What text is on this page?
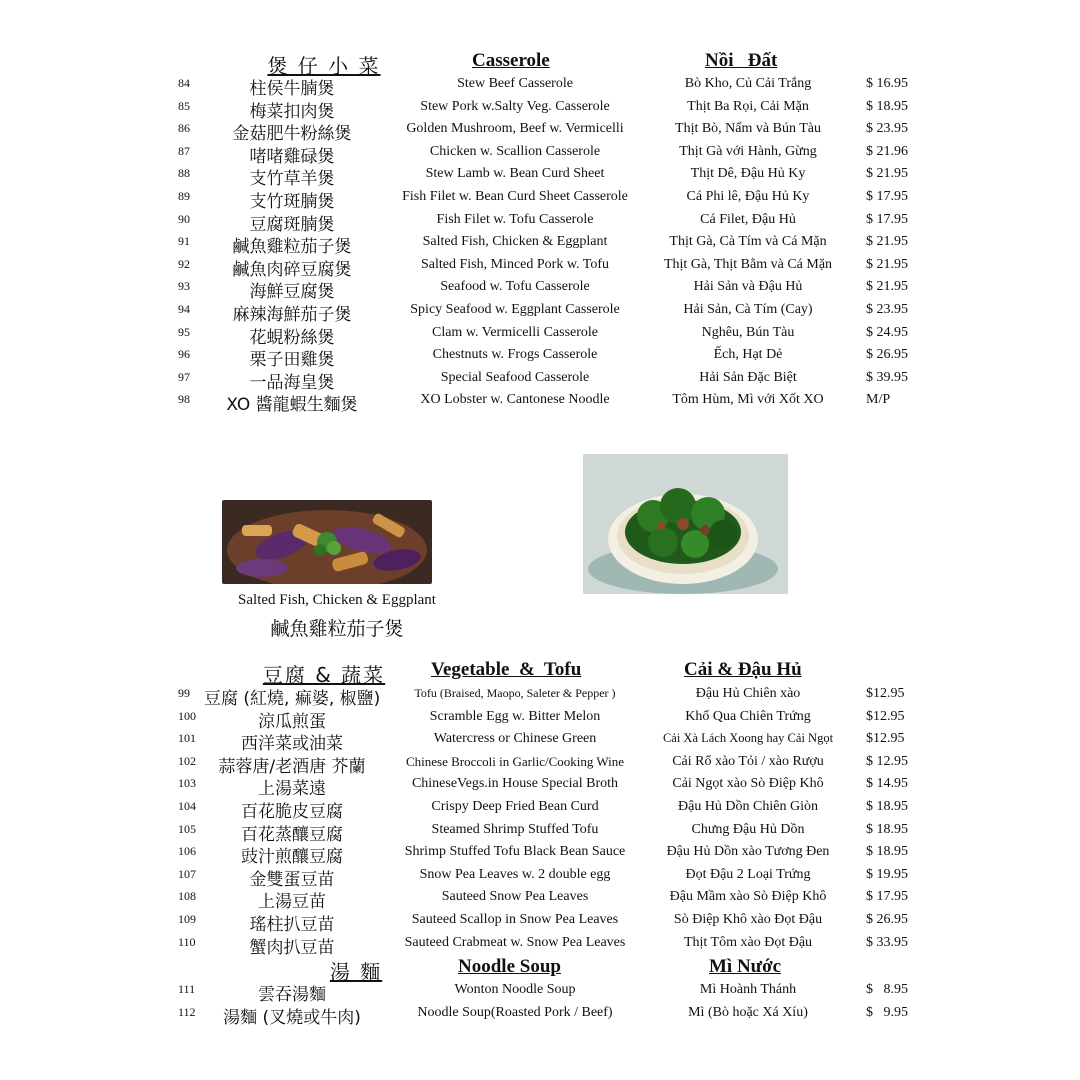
煲 仔 小 菜	Casserole	Nồi   Đất
84	柱侯牛腩煲	Stew Beef Casserole	Bò Kho, Củ Cải Trắng	$ 16.95
85	梅菜扣肉煲	Stew Pork w.Salty Veg. Casserole	Thịt Ba Rọi, Cải Mặn	$ 18.95
86	金菇肥牛粉絲煲	Golden Mushroom, Beef w. Vermicelli	Thịt Bò, Nấm và Bún Tàu	$ 23.95
87	啫啫雞碌煲	Chicken w. Scallion Casserole	Thịt Gà với Hành, Gừng	$ 21.96
88	支竹草羊煲	Stew Lamb w. Bean Curd Sheet	Thịt Dê, Đậu Hủ Ky	$ 21.95
89	支竹斑腩煲	Fish Filet w. Bean Curd Sheet Casserole	Cá Phi lê, Đậu Hủ Ky	$ 17.95
90	豆腐斑腩煲	Fish Filet w. Tofu Casserole	Cá Filet, Đậu Hủ	$ 17.95
91	鹹魚雞粒茄子煲	Salted Fish, Chicken & Eggplant	Thịt Gà, Cà Tím và Cá Mặn	$ 21.95
92	鹹魚肉碎豆腐煲	Salted Fish, Minced Pork w. Tofu	Thịt Gà, Thịt Bằm và Cá Mặn	$ 21.95
93	海鮮豆腐煲	Seafood w. Tofu Casserole	Hải Sản và Đậu Hủ	$ 21.95
94	麻辣海鮮茄子煲	Spicy Seafood w. Eggplant Casserole	Hải Sản, Cà Tím (Cay)	$ 23.95
95	花蜆粉絲煲	Clam w. Vermicelli Casserole	Nghêu, Bún Tàu	$ 24.95
96	栗子田雞煲	Chestnuts w. Frogs Casserole	Ếch, Hạt Dẻ	$ 26.95
97	一品海皇煲	Special Seafood Casserole	Hải Sản Đặc Biệt	$ 39.95
98	XO 醬龍蝦生麵煲	XO Lobster w. Cantonese Noodle	Tôm Hùm, Mì với Xốt XO	M/P
Salted Fish, Chicken & Eggplant
鹹魚雞粒茄子煲
豆腐 & 蔬菜	Vegetable  &  Tofu	Cải & Đậu Hủ
99 豆腐 (紅燒, 痲婆, 椒鹽)	Tofu (Braised, Maopo, Saleter & Pepper )	Đậu Hủ Chiên xào	$12.95
100	涼瓜煎蛋	Scramble Egg w. Bitter Melon	Khổ Qua Chiên Trứng	$12.95
101	西洋菜或油菜	Watercress or Chinese Green	Cải Xà Lách Xoong hay Cải Ngọt	$12.95
102	蒜蓉唐/老酒唐 芥蘭	Chinese Broccoli in Garlic/Cooking Wine	Cải Rổ xào Tỏi / xào Rượu	$ 12.95
103	上湯菜遠	ChineseVegs.in House Special Broth	Cải Ngọt xào Sò Điệp Khô	$ 14.95
104	百花脆皮豆腐	Crispy Deep Fried Bean Curd	Đậu Hủ Dồn Chiên Giòn	$ 18.95
105	百花蒸釀豆腐	Steamed Shrimp Stuffed Tofu	Chưng Đậu Hủ Dồn	$ 18.95
106	豉汁煎釀豆腐	Shrimp Stuffed Tofu Black Bean Sauce	Đậu Hủ Dồn xào Tương Đen	$ 18.95
107	金雙蛋豆苗	Snow Pea Leaves w. 2 double egg	Đọt Đậu 2 Loại Trứng	$ 19.95
108	上湯豆苗	Sauteed Snow Pea Leaves	Đậu Mầm xào Sò Điệp Khô	$ 17.95
109	瑤柱扒豆苗	Sauteed Scallop in Snow Pea Leaves	Sò Điệp Khô xào Đọt Đậu	$ 26.95
110	蟹肉扒豆苗	Sauteed Crabmeat w. Snow Pea Leaves	Thịt Tôm xào Đọt Đậu	$ 33.95
湯 麵	Noodle Soup	Mì Nước
111	雲吞湯麵	Wonton Noodle Soup	Mì Hoành Thánh	$   8.95
112	湯麵 (叉燒或牛肉)	Noodle Soup(Roasted Pork / Beef)	Mì (Bò hoặc Xá Xíu)	$   9.95
